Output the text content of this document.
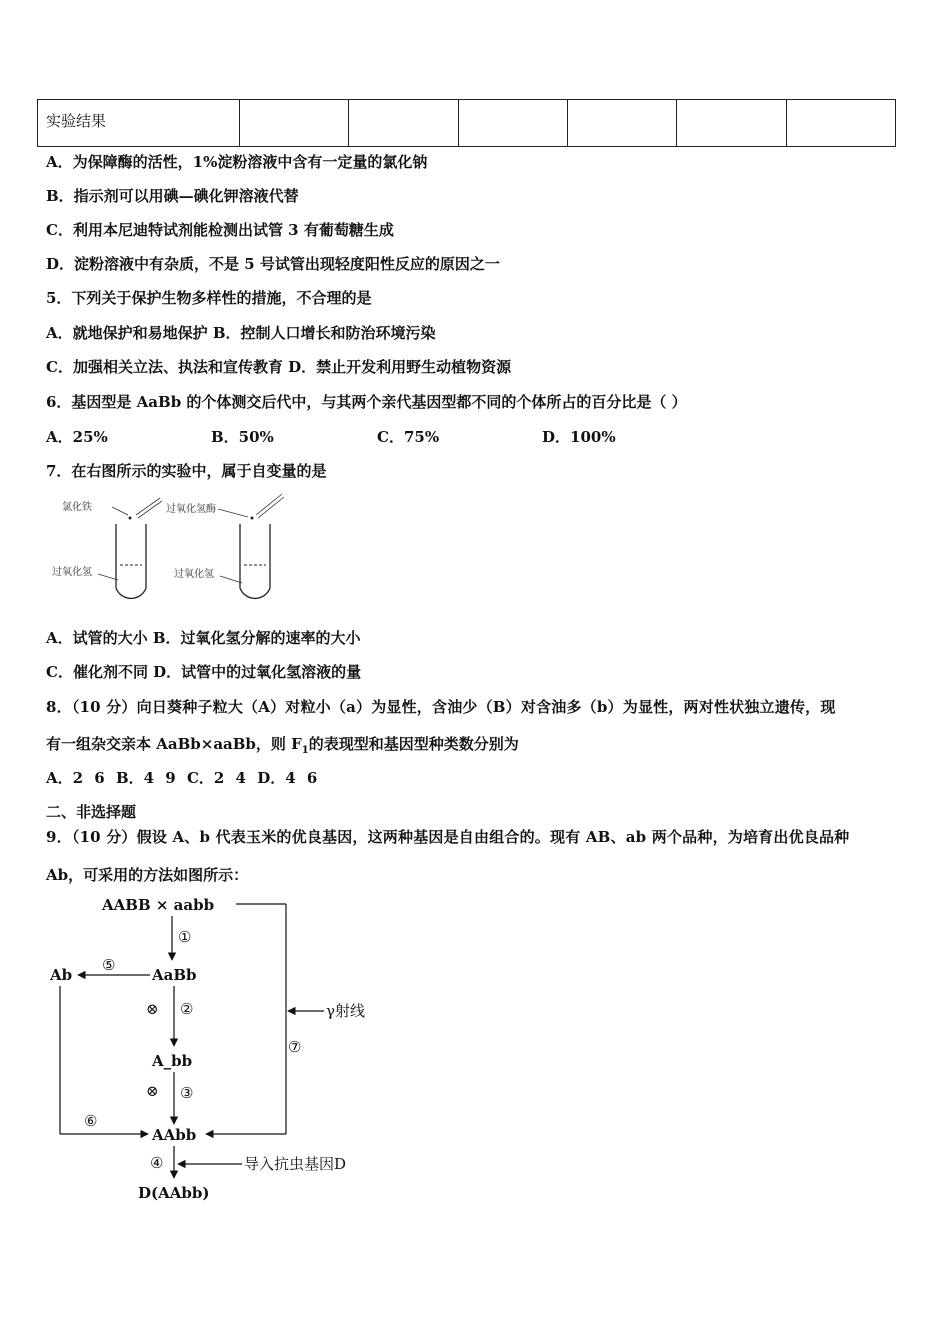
实验结果						
A．为保障酶的活性，1%淀粉溶液中含有一定量的氯化钠
B．指示剂可以用碘—碘化钾溶液代替
C．利用本尼迪特试剂能检测出试管 3 有葡萄糖生成
D．淀粉溶液中有杂质，不是 5 号试管出现轻度阳性反应的原因之一
5．下列关于保护生物多样性的措施，不合理的是
A．就地保护和易地保护 B．控制人口增长和防治环境污染
C．加强相关立法、执法和宣传教育 D．禁止开发利用野生动植物资源
6．基因型是 AaBb 的个体测交后代中，与其两个亲代基因型都不同的个体所占的百分比是（ ）
A．25%	B．50%	C．75%	D．100%
7．在右图所示的实验中，属于自变量的是
氯化铁
过氧化氢
过氧化氢酶
过氧化氢
A．试管的大小 B．过氧化氢分解的速率的大小
C．催化剂不同 D．试管中的过氧化氢溶液的量
8．（10 分）向日葵种子粒大（A）对粒小（a）为显性，含油少（B）对含油多（b）为显性，两对性状独立遗传，现
有一组杂交亲本 AaBb×aaBb，则 $F_1$的表现型和基因型种类数分别为
A．2 6 B．4 9 C．2 4 D．4 6
二、非选择题
9．（10 分）假设 A、b 代表玉米的优良基因，这两种基因是自由组合的。现有 AB、ab 两个品种，为培育出优良品种
Ab，可采用的方法如图所示：
AABB × aabb
γ射线
⑦
①
AaBb
⑤
Ab
⑥
⊗ ②
A_bb
⊗ ③
AAbb
④	导入抗虫基因D
D(AAbb)
